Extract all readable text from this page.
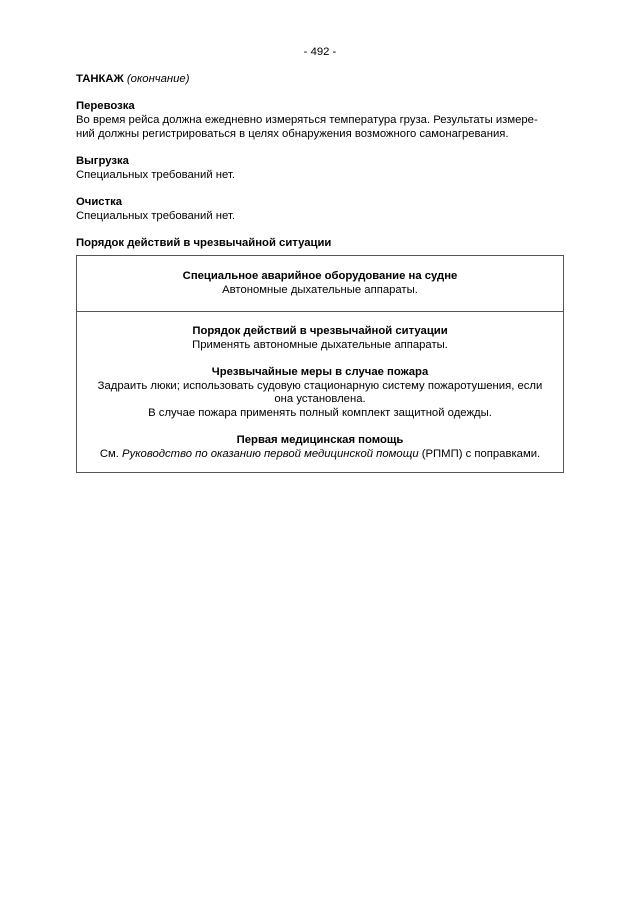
- 492 -
ТАНКАЖ (окончание)
Перевозка
Во время рейса должна ежедневно измеряться температура груза. Результаты измере-
ний должны регистрироваться в целях обнаружения возможного самонагревания.
Выгрузка
Специальных требований нет.
Очистка
Специальных требований нет.
Порядок действий в чрезвычайной ситуации
Специальное аварийное оборудование на судне
Автономные дыхательные аппараты.
Порядок действий в чрезвычайной ситуации
Применять автономные дыхательные аппараты.
Чрезвычайные меры в случае пожара
Задраить люки; использовать судовую стационарную систему пожаротушения, если
она установлена.
В случае пожара применять полный комплект защитной одежды.
Первая медицинская помощь
См. Руководство по оказанию первой медицинской помощи (РПМП) с поправками.
